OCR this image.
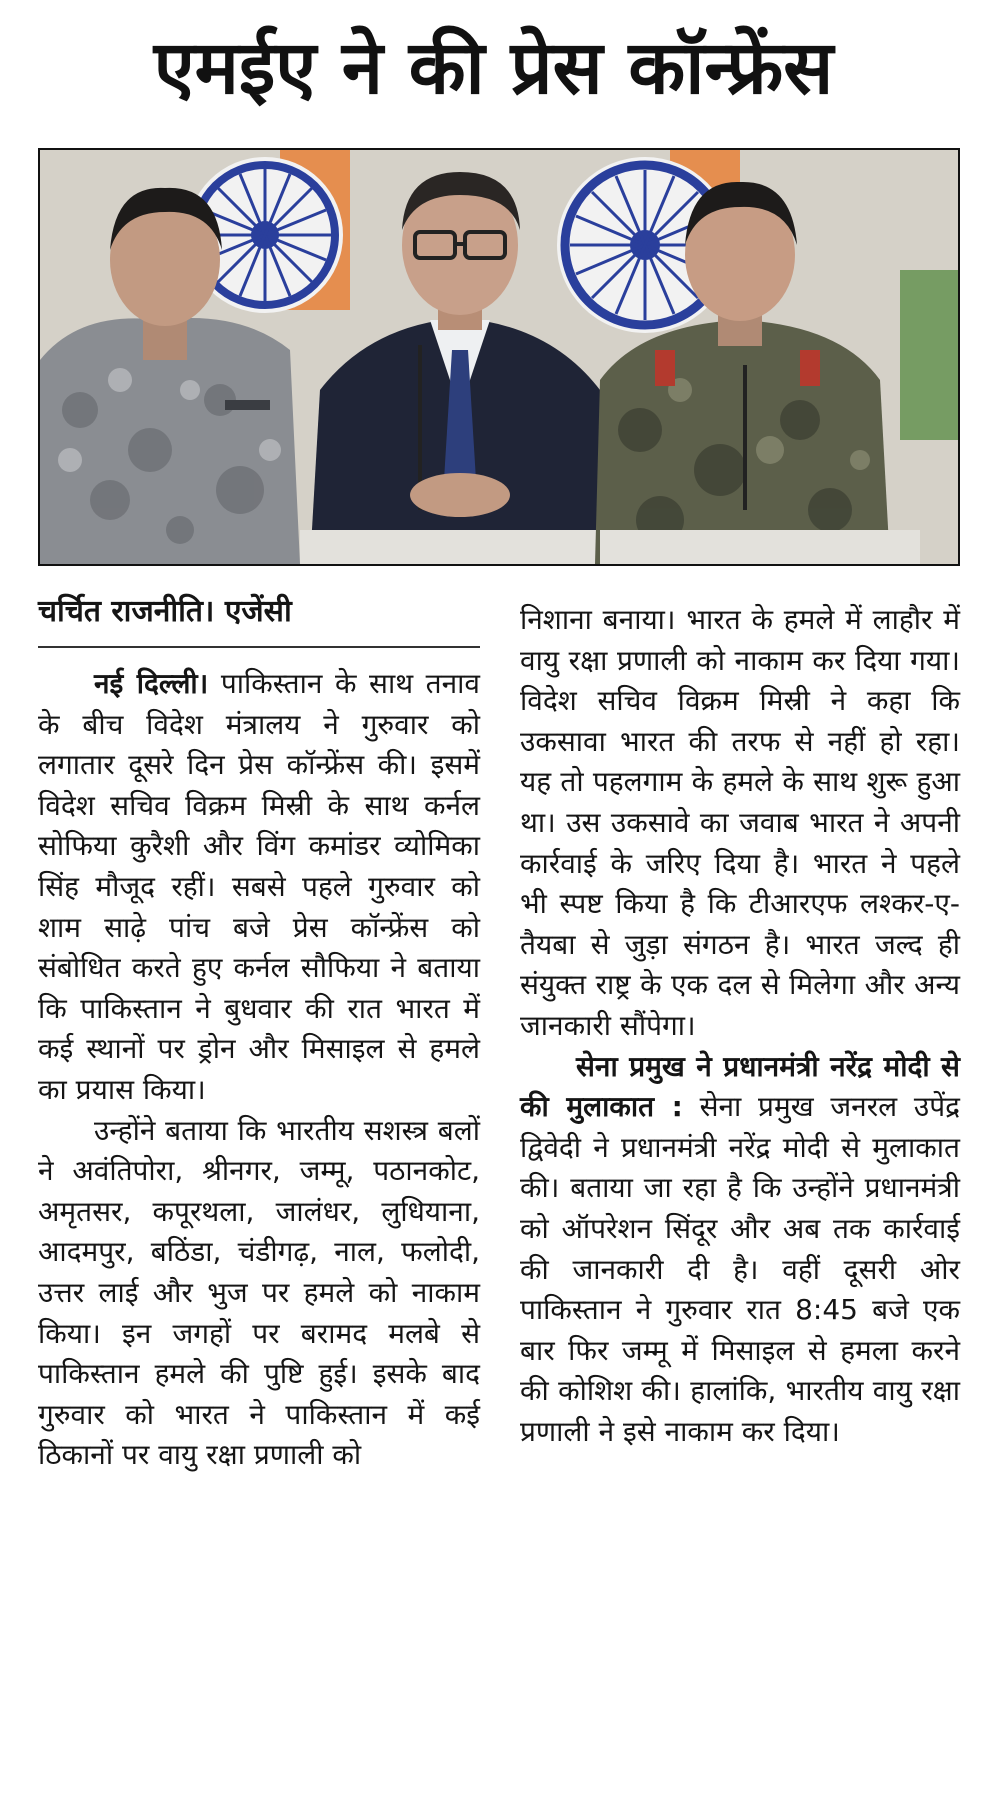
एमईए ने की प्रेस कॉन्फ्रेंस

चर्चित राजनीति। एजेंसी

नई दिल्ली। पाकिस्तान के साथ तनाव के बीच विदेश मंत्रालय ने गुरुवार को लगातार दूसरे दिन प्रेस कॉन्फ्रेंस की। इसमें विदेश सचिव विक्रम मिस्री के साथ कर्नल सोफिया कुरैशी और विंग कमांडर व्योमिका सिंह मौजूद रहीं। सबसे पहले गुरुवार को शाम साढ़े पांच बजे प्रेस कॉन्फ्रेंस को संबोधित करते हुए कर्नल सौफिया ने बताया कि पाकिस्तान ने बुधवार की रात भारत में कई स्थानों पर ड्रोन और मिसाइल से हमले का प्रयास किया।

उन्होंने बताया कि भारतीय सशस्त्र बलों ने अवंतिपोरा, श्रीनगर, जम्मू, पठानकोट, अमृतसर, कपूरथला, जालंधर, लुधियाना, आदमपुर, बठिंडा, चंडीगढ़, नाल, फलोदी, उत्तर लाई और भुज पर हमले को नाकाम किया। इन जगहों पर बरामद मलबे से पाकिस्तान हमले की पुष्टि हुई। इसके बाद गुरुवार को भारत ने पाकिस्तान में कई ठिकानों पर वायु रक्षा प्रणाली को

निशाना बनाया। भारत के हमले में लाहौर में वायु रक्षा प्रणाली को नाकाम कर दिया गया। विदेश सचिव विक्रम मिस्री ने कहा कि उकसावा भारत की तरफ से नहीं हो रहा। यह तो पहलगाम के हमले के साथ शुरू हुआ था। उस उकसावे का जवाब भारत ने अपनी कार्रवाई के जरिए दिया है। भारत ने पहले भी स्पष्ट किया है कि टीआरएफ लश्कर-ए-तैयबा से जुड़ा संगठन है। भारत जल्द ही संयुक्त राष्ट्र के एक दल से मिलेगा और अन्य जानकारी सौंपेगा।

सेना प्रमुख ने प्रधानमंत्री नरेंद्र मोदी से की मुलाकात : सेना प्रमुख जनरल उपेंद्र द्विवेदी ने प्रधानमंत्री नरेंद्र मोदी से मुलाकात की। बताया जा रहा है कि उन्होंने प्रधानमंत्री को ऑपरेशन सिंदूर और अब तक कार्रवाई की जानकारी दी है। वहीं दूसरी ओर पाकिस्तान ने गुरुवार रात 8:45 बजे एक बार फिर जम्मू में मिसाइल से हमला करने की कोशिश की। हालांकि, भारतीय वायु रक्षा प्रणाली ने इसे नाकाम कर दिया।
